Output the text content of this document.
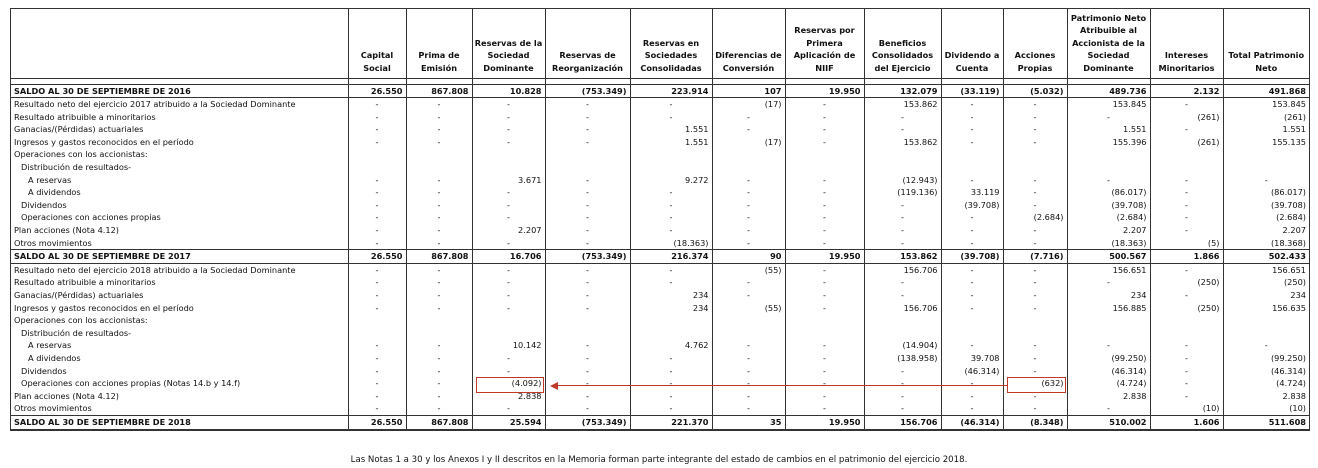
	Capital Social	Prima de Emisión	Reservas de la Sociedad Dominante	Reservas de Reorganización	Reservas en Sociedades Consolidadas	Diferencias de Conversión	Reservas por Primera Aplicación de NIIF	Beneficios Consolidados del Ejercicio	Dividendo a Cuenta	Acciones Propias	Patrimonio Neto Atribuible al Accionista de la Sociedad Dominante	Intereses Minoritarios	Total Patrimonio Neto

SALDO AL 30 DE SEPTIEMBRE DE 2016	26.550	867.808	10.828	(753.349)	223.914	107	19.950	132.079	(33.119)	(5.032)	489.736	2.132	491.868
Resultado neto del ejercicio 2017 atribuido a la Sociedad Dominante	-	-	-	-	-	(17)	-	153.862	-	-	153.845	-	153.845
Resultado atribuible a minoritarios	-	-	-	-	-	-	-	-	-	-	-	(261)	(261)
Ganacias/(Pérdidas) actuariales	-	-	-	-	1.551	-	-	-	-	-	1.551	-	1.551
Ingresos y gastos reconocidos en el período	-	-	-	-	1.551	(17)	-	153.862	-	-	155.396	(261)	155.135
Operaciones con los accionistas:													
Distribución de resultados-													
A reservas	-	-	3.671	-	9.272	-	-	(12.943)	-	-	-	-	-
A dividendos	-	-	-	-	-	-	-	(119.136)	33.119	-	(86.017)	-	(86.017)
Dividendos	-	-	-	-	-	-	-	-	(39.708)	-	(39.708)	-	(39.708)
Operaciones con acciones propias	-	-	-	-	-	-	-	-	-	(2.684)	(2.684)	-	(2.684)
Plan acciones (Nota 4.12)	-	-	2.207	-	-	-	-	-	-	-	2.207	-	2.207
Otros movimientos	-	-	-	-	(18.363)	-	-	-	-	-	(18.363)	(5)	(18.368)
SALDO AL 30 DE SEPTIEMBRE DE 2017	26.550	867.808	16.706	(753.349)	216.374	90	19.950	153.862	(39.708)	(7.716)	500.567	1.866	502.433
Resultado neto del ejercicio 2018 atribuido a la Sociedad Dominante	-	-	-	-	-	(55)	-	156.706	-	-	156.651	-	156.651
Resultado atribuible a minoritarios	-	-	-	-	-	-	-	-	-	-	-	(250)	(250)
Ganacias/(Pérdidas) actuariales	-	-	-	-	234	-	-	-	-	-	234	-	234
Ingresos y gastos reconocidos en el período	-	-	-	-	234	(55)	-	156.706	-	-	156.885	(250)	156.635
Operaciones con los accionistas:													
Distribución de resultados-													
A reservas	-	-	10.142	-	4.762	-	-	(14.904)	-	-	-	-	-
A dividendos	-	-	-	-	-	-	-	(138.958)	39.708	-	(99.250)	-	(99.250)
Dividendos	-	-	-	-	-	-	-	-	(46.314)	-	(46.314)	-	(46.314)
Operaciones con acciones propias (Notas 14.b y 14.f)	-	-	(4.092)	-	-	-	-	-	-	(632)	(4.724)	-	(4.724)
Plan acciones (Nota 4.12)	-	-	2.838	-	-	-	-	-	-	-	2.838	-	2.838
Otros movimientos	-	-	-	-	-	-	-	-	-	-	-	(10)	(10)
SALDO AL 30 DE SEPTIEMBRE DE 2018	26.550	867.808	25.594	(753.349)	221.370	35	19.950	156.706	(46.314)	(8.348)	510.002	1.606	511.608
Las Notas 1 a 30 y los Anexos I y II descritos en la Memoria forman parte integrante del estado de cambios en el patrimonio del ejercicio 2018.
